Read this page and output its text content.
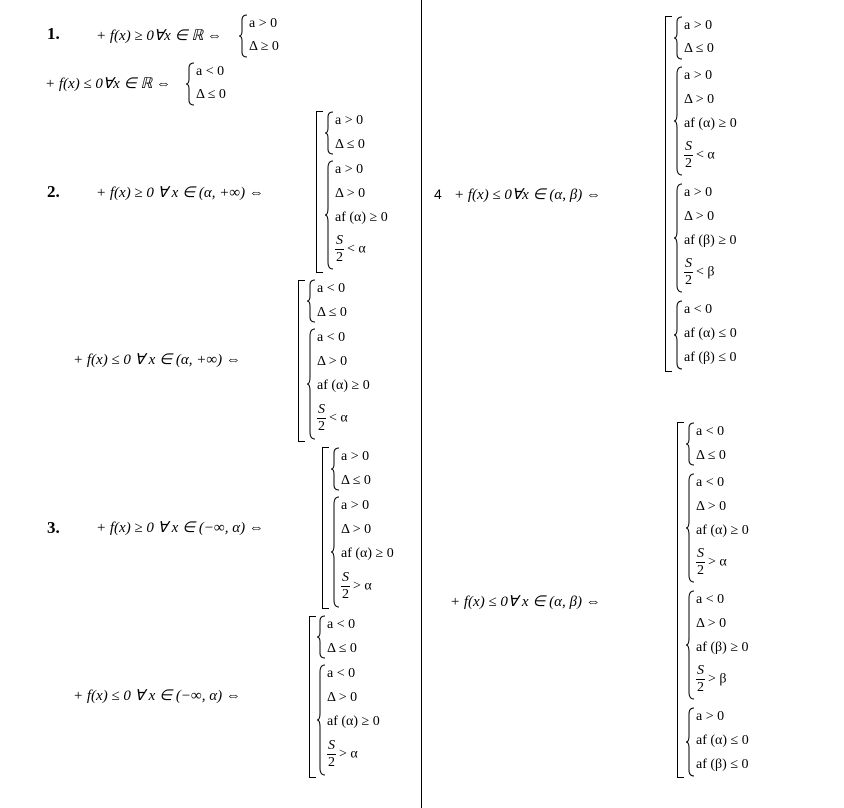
1. + f(x) ≥ 0∀x ∈ ℝ ⇔
a > 0
Δ ≥ 0
+ f(x) ≤ 0∀x ∈ ℝ ⇔
a < 0
Δ ≤ 0
2. + f(x) ≥ 0 ∀ x ∈ (α, +∞) ⇔
a > 0
Δ ≤ 0
a > 0
Δ > 0
af (α) ≥ 0
$\frac{S}{2} < \alpha$
+ f(x) ≤ 0 ∀ x ∈ (α, +∞) ⇔
a < 0
Δ ≤ 0
a < 0
Δ > 0
af (α) ≥ 0
$\frac{S}{2} < \alpha$
3. + f(x) ≥ 0 ∀ x ∈ (−∞, α) ⇔
a > 0
Δ ≤ 0
a > 0
Δ > 0
af (α) ≥ 0
$\frac{S}{2} > \alpha$
+ f(x) ≤ 0 ∀ x ∈ (−∞, α) ⇔
a < 0
Δ ≤ 0
a < 0
Δ > 0
af (α) ≥ 0
$\frac{S}{2} > \alpha$
4 + f(x) ≤ 0∀x ∈ (α, β) ⇔
a > 0
Δ ≤ 0
a > 0
Δ > 0
af (α) ≥ 0
$\frac{S}{2} < \alpha$
a > 0
Δ > 0
af (β) ≥ 0
$\frac{S}{2} < \beta$
a < 0
af (α) ≤ 0
af (β) ≤ 0
+ f(x) ≤ 0∀ x ∈ (α, β) ⇔
a < 0
Δ ≤ 0
a < 0
Δ > 0
af (α) ≥ 0
$\frac{S}{2} > \alpha$
a < 0
Δ > 0
af (β) ≥ 0
$\frac{S}{2} > \beta$
a > 0
af (α) ≤ 0
af (β) ≤ 0
